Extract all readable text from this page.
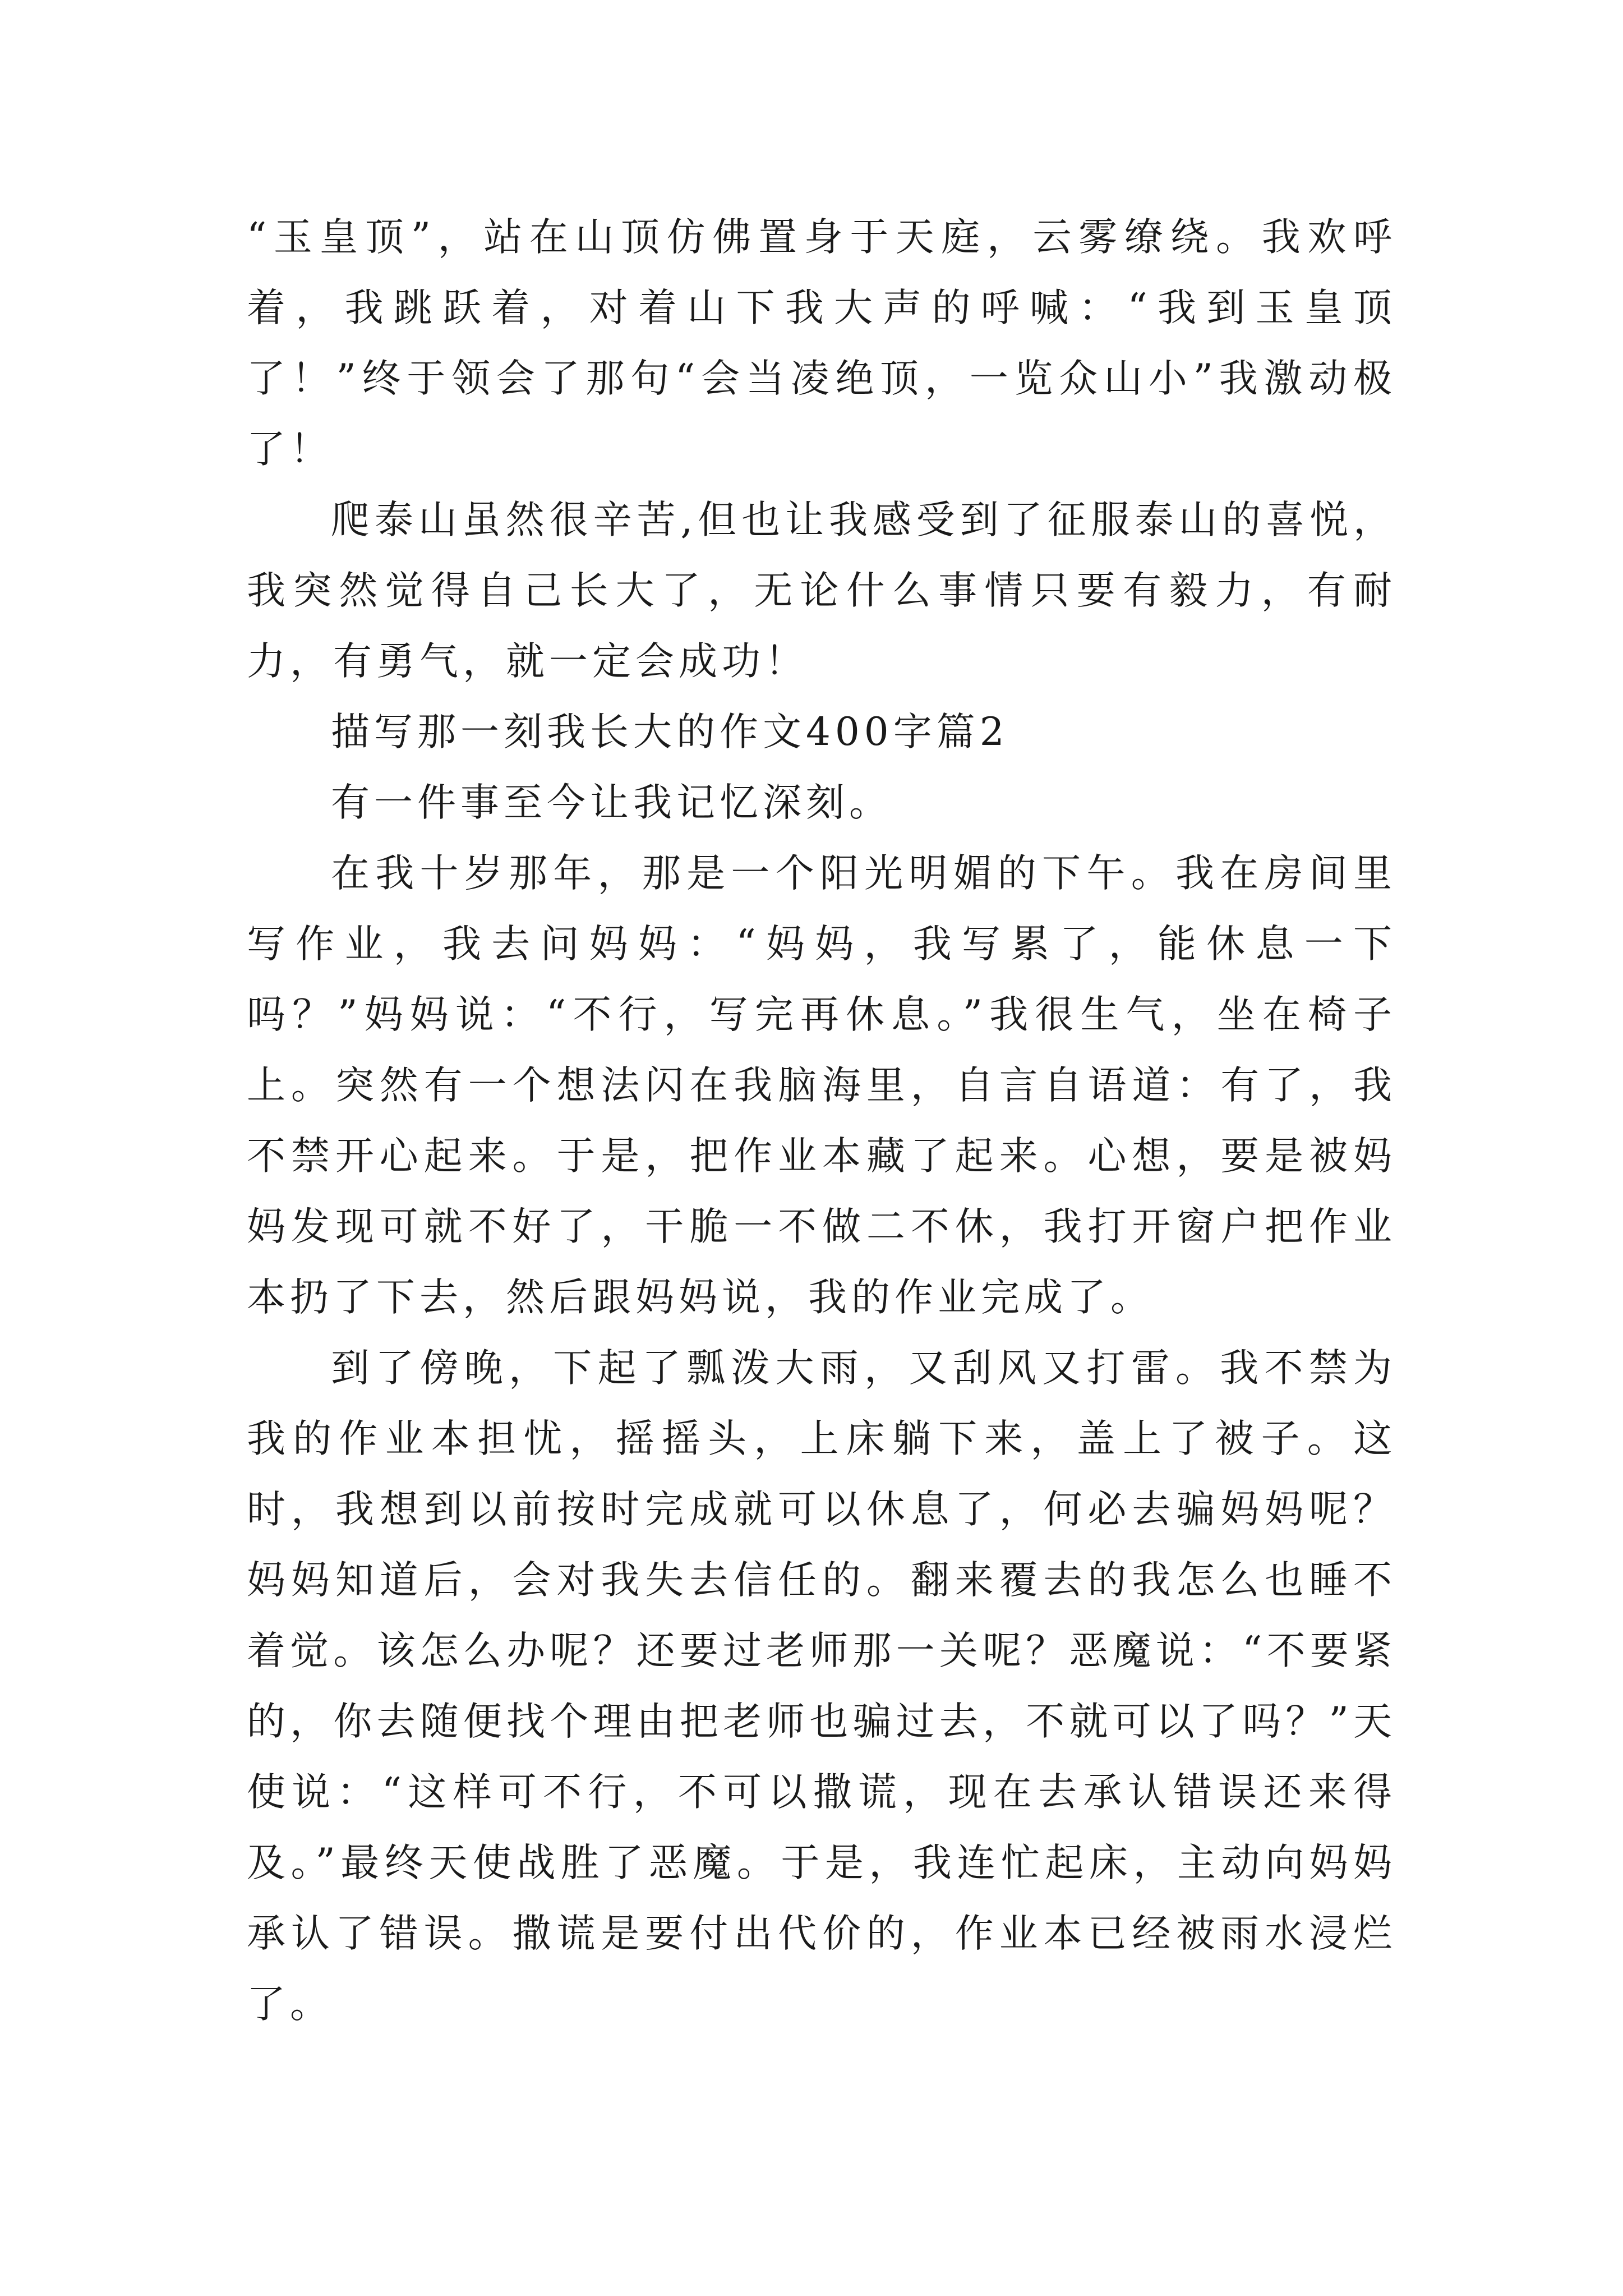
“玉皇顶”，站在山顶仿佛置身于天庭，云雾缭绕。我欢呼着，我跳跃着，对着山下我大声的呼喊：“我到玉皇顶了！”终于领会了那句“会当凌绝顶，一览众山小”我激动极了！

爬泰山虽然很辛苦,但也让我感受到了征服泰山的喜悦，我突然觉得自己长大了，无论什么事情只要有毅力，有耐力，有勇气，就一定会成功！

描写那一刻我长大的作文400字篇2

有一件事至今让我记忆深刻。

在我十岁那年，那是一个阳光明媚的下午。我在房间里写作业，我去问妈妈：“妈妈，我写累了，能休息一下吗？”妈妈说：“不行，写完再休息。”我很生气，坐在椅子上。突然有一个想法闪在我脑海里，自言自语道：有了，我不禁开心起来。于是，把作业本藏了起来。心想，要是被妈妈发现可就不好了，干脆一不做二不休，我打开窗户把作业本扔了下去，然后跟妈妈说，我的作业完成了。

到了傍晚，下起了瓢泼大雨，又刮风又打雷。我不禁为我的作业本担忧，摇摇头，上床躺下来，盖上了被子。这时，我想到以前按时完成就可以休息了，何必去骗妈妈呢？妈妈知道后，会对我失去信任的。翻来覆去的我怎么也睡不着觉。该怎么办呢？还要过老师那一关呢？恶魔说：“不要紧的，你去随便找个理由把老师也骗过去，不就可以了吗？”天使说：“这样可不行，不可以撒谎，现在去承认错误还来得及。”最终天使战胜了恶魔。于是，我连忙起床，主动向妈妈承认了错误。撒谎是要付出代价的，作业本已经被雨水浸烂了。
